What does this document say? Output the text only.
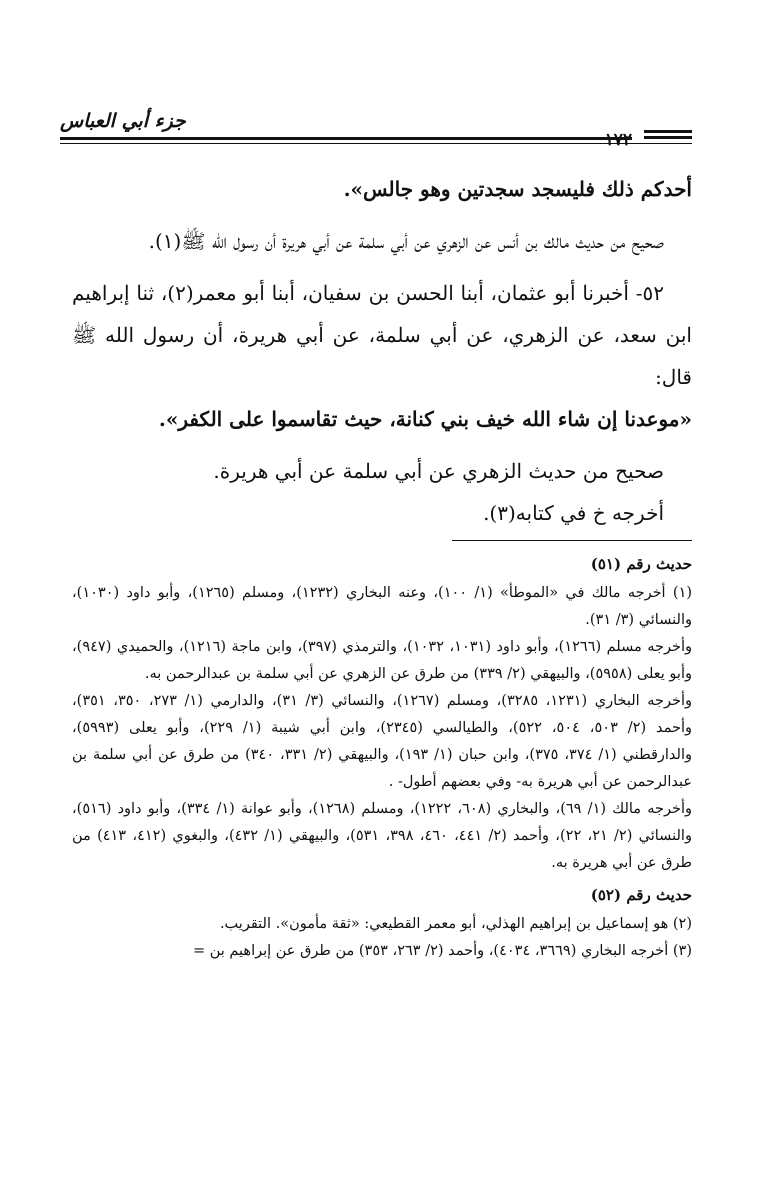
جزء أبي العباس
١٧٢

أحدكم ذلك فليسجد سجدتين وهو جالس».

صحيح من حديث مالك بن أنس عن الزهري عن أبي سلمة عن أبي هريرة أن رسول الله ﷺ(١).

٥٢- أخبرنا أبو عثمان، أبنا الحسن بن سفيان، أبنا أبو معمر(٢)، ثنا إبراهيم ابن سعد، عن الزهري، عن أبي سلمة، عن أبي هريرة، أن رسول الله ﷺ قال:

«موعدنا إن شاء الله خيف بني كنانة، حيث تقاسموا على الكفر».

صحيح من حديث الزهري عن أبي سلمة عن أبي هريرة.

أخرجه خ في كتابه(٣).

حديث رقم (٥١)

(١) أخرجه مالك في «الموطأ» (١/ ١٠٠)، وعنه البخاري (١٢٣٢)، ومسلم (١٢٦٥)، وأبو داود (١٠٣٠)، والنسائي (٣/ ٣١).

وأخرجه مسلم (١٢٦٦)، وأبو داود (١٠٣١، ١٠٣٢)، والترمذي (٣٩٧)، وابن ماجة (١٢١٦)، والحميدي (٩٤٧)، وأبو يعلى (٥٩٥٨)، والبيهقي (٢/ ٣٣٩) من طرق عن الزهري عن أبي سلمة بن عبدالرحمن به.

وأخرجه البخاري (١٢٣١، ٣٢٨٥)، ومسلم (١٢٦٧)، والنسائي (٣/ ٣١)، والدارمي (١/ ٢٧٣، ٣٥٠، ٣٥١)، وأحمد (٢/ ٥٠٣، ٥٠٤، ٥٢٢)، والطيالسي (٢٣٤٥)، وابن أبي شيبة (١/ ٢٢٩)، وأبو يعلى (٥٩٩٣)، والدارقطني (١/ ٣٧٤، ٣٧٥)، وابن حبان (١/ ١٩٣)، والبيهقي (٢/ ٣٣١، ٣٤٠) من طرق عن أبي سلمة بن عبدالرحمن عن أبي هريرة به- وفي بعضهم أطول- .

وأخرجه مالك (١/ ٦٩)، والبخاري (٦٠٨، ١٢٢٢)، ومسلم (١٢٦٨)، وأبو عوانة (١/ ٣٣٤)، وأبو داود (٥١٦)، والنسائي (٢/ ٢١، ٢٢)، وأحمد (٢/ ٤٤١، ٤٦٠، ٣٩٨، ٥٣١)، والبيهقي (١/ ٤٣٢)، والبغوي (٤١٢، ٤١٣) من طرق عن أبي هريرة به.

حديث رقم (٥٢)

(٢) هو إسماعيل بن إبراهيم الهذلي، أبو معمر القطيعي: «ثقة مأمون». التقريب.

(٣) أخرجه البخاري (٣٦٦٩، ٤٠٣٤)، وأحمد (٢/ ٢٦٣، ٣٥٣) من طرق عن إبراهيم بن =
